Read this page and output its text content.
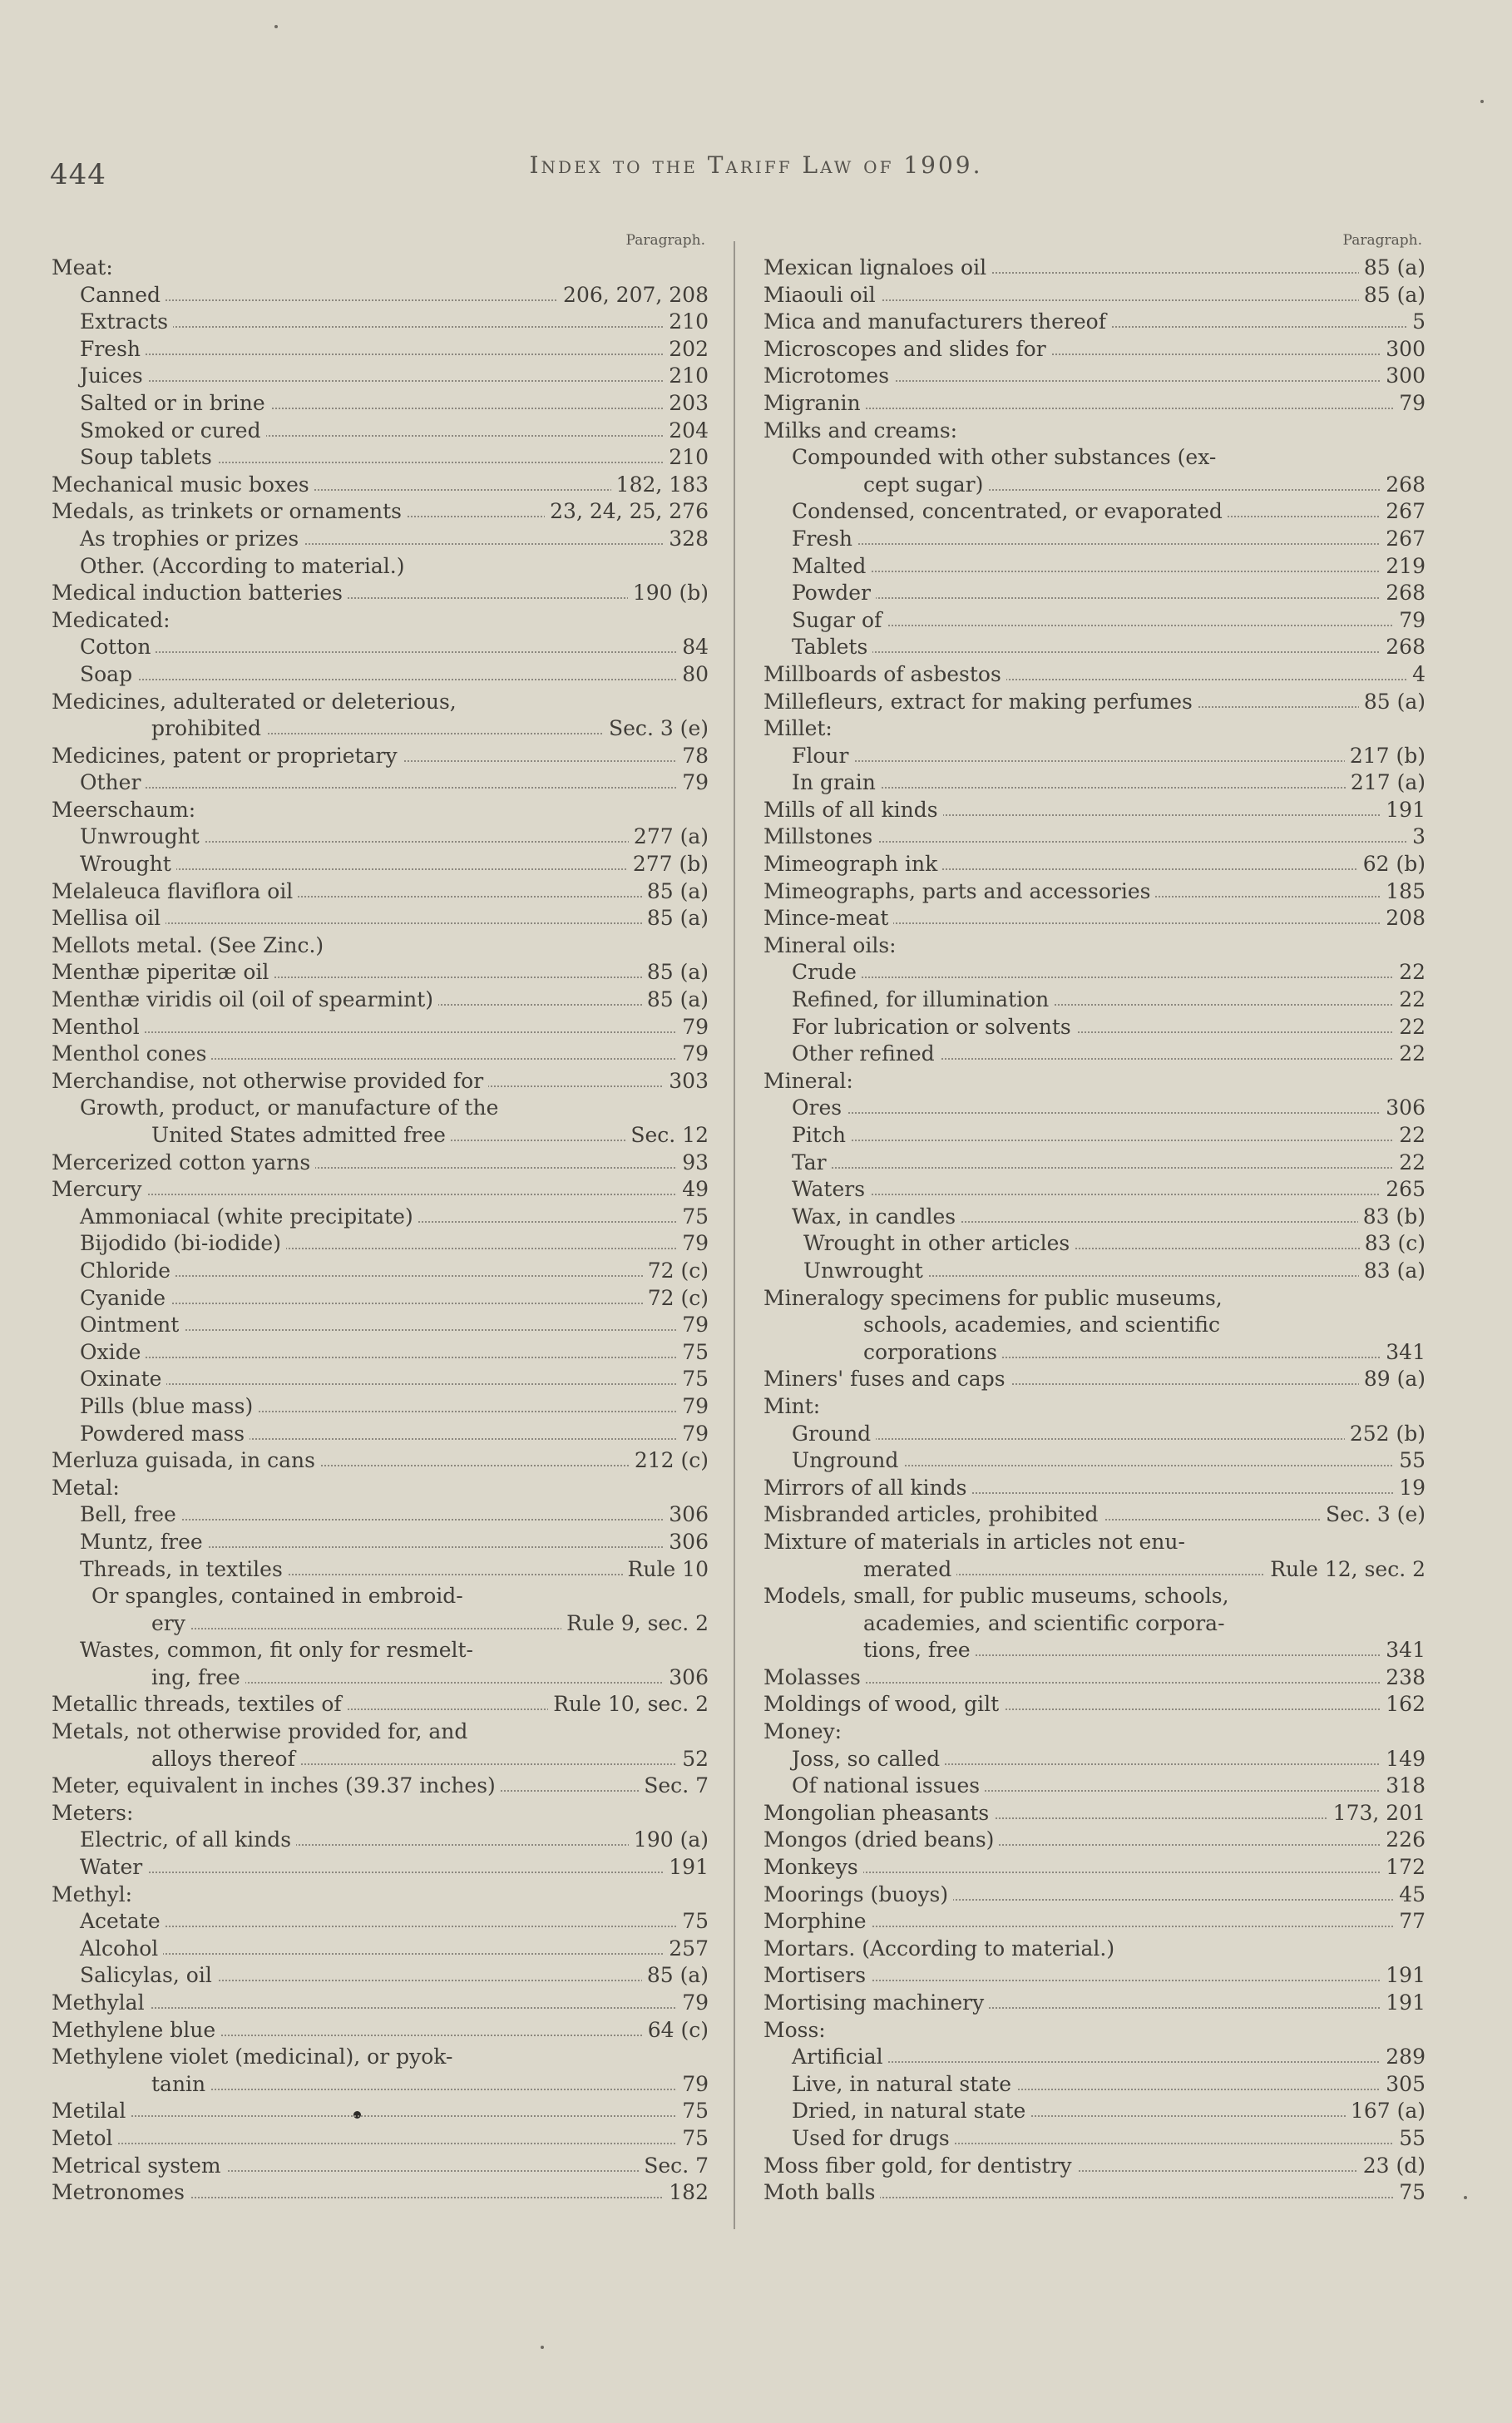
444	Index to the Tariff Law of 1909.
Paragraph.
Meat:
Canned	206, 207, 208
Extracts	210
Fresh	202
Juices	210
Salted or in brine	203
Smoked or cured	204
Soup tablets	210
Mechanical music boxes	182, 183
Medals, as trinkets or ornaments	23, 24, 25, 276
As trophies or prizes	328
Other. (According to material.)
Medical induction batteries	190 (b)
Medicated:
Cotton	84
Soap	80
Medicines, adulterated or deleterious,
prohibited	Sec. 3 (e)
Medicines, patent or proprietary	78
Other	79
Meerschaum:
Unwrought	277 (a)
Wrought	277 (b)
Melaleuca flaviflora oil	85 (a)
Mellisa oil	85 (a)
Mellots metal. (See Zinc.)
Menthæ piperitæ oil	85 (a)
Menthæ viridis oil (oil of spearmint)	85 (a)
Menthol	79
Menthol cones	79
Merchandise, not otherwise provided for	303
Growth, product, or manufacture of the
United States admitted free	Sec. 12
Mercerized cotton yarns	93
Mercury	49
Ammoniacal (white precipitate)	75
Bijodido (bi-iodide)	79
Chloride	72 (c)
Cyanide	72 (c)
Ointment	79
Oxide	75
Oxinate	75
Pills (blue mass)	79
Powdered mass	79
Merluza guisada, in cans	212 (c)
Metal:
Bell, free	306
Muntz, free	306
Threads, in textiles	Rule 10
Or spangles, contained in embroid-
ery	Rule 9, sec. 2
Wastes, common, fit only for resmelt-
ing, free	306
Metallic threads, textiles of	Rule 10, sec. 2
Metals, not otherwise provided for, and
alloys thereof	52
Meter, equivalent in inches (39.37 inches)	Sec. 7
Meters:
Electric, of all kinds	190 (a)
Water	191
Methyl:
Acetate	75
Alcohol	257
Salicylas, oil	85 (a)
Methylal	79
Methylene blue	64 (c)
Methylene violet (medicinal), or pyok-
tanin	79
Metilal	75
Metol	75
Metrical system	Sec. 7
Metronomes	182
Paragraph.
Mexican lignaloes oil	85 (a)
Miaouli oil	85 (a)
Mica and manufacturers thereof	5
Microscopes and slides for	300
Microtomes	300
Migranin	79
Milks and creams:
Compounded with other substances (ex-
cept sugar)	268
Condensed, concentrated, or evaporated	267
Fresh	267
Malted	219
Powder	268
Sugar of	79
Tablets	268
Millboards of asbestos	4
Millefleurs, extract for making perfumes	85 (a)
Millet:
Flour	217 (b)
In grain	217 (a)
Mills of all kinds	191
Millstones	3
Mimeograph ink	62 (b)
Mimeographs, parts and accessories	185
Mince-meat	208
Mineral oils:
Crude	22
Refined, for illumination	22
For lubrication or solvents	22
Other refined	22
Mineral:
Ores	306
Pitch	22
Tar	22
Waters	265
Wax, in candles	83 (b)
Wrought in other articles	83 (c)
Unwrought	83 (a)
Mineralogy specimens for public museums,
schools, academies, and scientific
corporations	341
Miners' fuses and caps	89 (a)
Mint:
Ground	252 (b)
Unground	55
Mirrors of all kinds	19
Misbranded articles, prohibited	Sec. 3 (e)
Mixture of materials in articles not enu-
merated	Rule 12, sec. 2
Models, small, for public museums, schools,
academies, and scientific corpora-
tions, free	341
Molasses	238
Moldings of wood, gilt	162
Money:
Joss, so called	149
Of national issues	318
Mongolian pheasants	173, 201
Mongos (dried beans)	226
Monkeys	172
Moorings (buoys)	45
Morphine	77
Mortars. (According to material.)
Mortisers	191
Mortising machinery	191
Moss:
Artificial	289
Live, in natural state	305
Dried, in natural state	167 (a)
Used for drugs	55
Moss fiber gold, for dentistry	23 (d)
Moth balls	75
